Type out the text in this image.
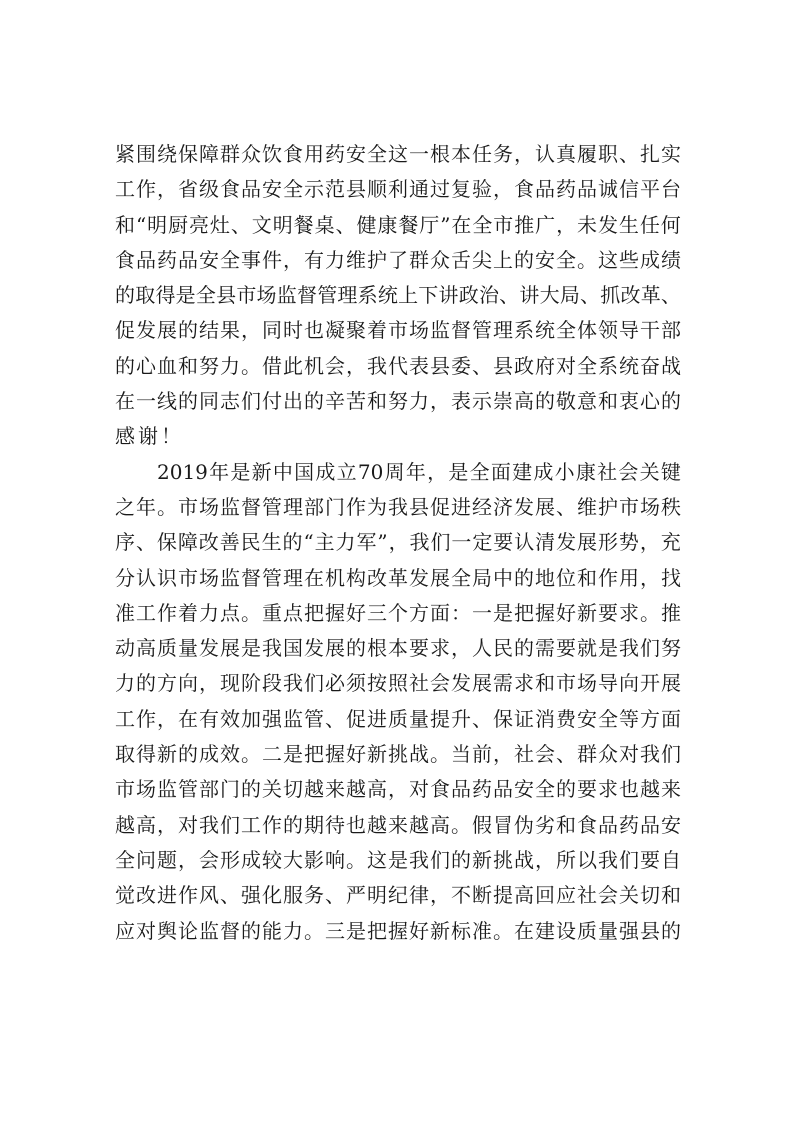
紧 围 绕 保 障 群 众 饮 食 用 药 安 全 这 一 根 本 任 务 ， 认 真 履 职 、 扎 实
工 作 ， 省 级 食 品 安 全 示 范 县 顺 利 通 过 复 验 ， 食 品 药 品 诚 信 平 台
和 “ 明 厨 亮 灶 、 文 明 餐 桌 、 健 康 餐 厅 ” 在 全 市 推 广 ， 未 发 生 任 何
食 品 药 品 安 全 事 件 ， 有 力 维 护 了 群 众 舌 尖 上 的 安 全 。 这 些 成 绩
的 取 得 是 全 县 市 场 监 督 管 理 系 统 上 下 讲 政 治 、 讲 大 局 、 抓 改 革 、
促 发 展 的 结 果 ， 同 时 也 凝 聚 着 市 场 监 督 管 理 系 统 全 体 领 导 干 部
的 心 血 和 努 力 。 借 此 机 会 ， 我 代 表 县 委 、 县 政 府 对 全 系 统 奋 战
在 一 线 的 同 志 们 付 出 的 辛 苦 和 努 力 ， 表 示 崇 高 的 敬 意 和 衷 心 的
感谢！
2019 年 是 新 中 国 成 立 70 周 年 ， 是 全 面 建 成 小 康 社 会 关 键
之 年 。 市 场 监 督 管 理 部 门 作 为 我 县 促 进 经 济 发 展 、 维 护 市 场 秩
序 、 保 障 改 善 民 生 的 “ 主 力 军 ” ， 我 们 一 定 要 认 清 发 展 形 势 ， 充
分 认 识 市 场 监 督 管 理 在 机 构 改 革 发 展 全 局 中 的 地 位 和 作 用 ， 找
准 工 作 着 力 点 。 重 点 把 握 好 三 个 方 面 ： 一 是 把 握 好 新 要 求 。 推
动 高 质 量 发 展 是 我 国 发 展 的 根 本 要 求 ， 人 民 的 需 要 就 是 我 们 努
力 的 方 向 ， 现 阶 段 我 们 必 须 按 照 社 会 发 展 需 求 和 市 场 导 向 开 展
工 作 ， 在 有 效 加 强 监 管 、 促 进 质 量 提 升 、 保 证 消 费 安 全 等 方 面
取 得 新 的 成 效 。 二 是 把 握 好 新 挑 战 。 当 前 ， 社 会 、 群 众 对 我 们
市 场 监 管 部 门 的 关 切 越 来 越 高 ， 对 食 品 药 品 安 全 的 要 求 也 越 来
越 高 ， 对 我 们 工 作 的 期 待 也 越 来 越 高 。 假 冒 伪 劣 和 食 品 药 品 安
全 问 题 ， 会 形 成 较 大 影 响 。 这 是 我 们 的 新 挑 战 ， 所 以 我 们 要 自
觉 改 进 作 风 、 强 化 服 务 、 严 明 纪 律 ， 不 断 提 高 回 应 社 会 关 切 和
应 对 舆 论 监 督 的 能 力 。 三 是 把 握 好 新 标 准 。 在 建 设 质 量 强 县 的
